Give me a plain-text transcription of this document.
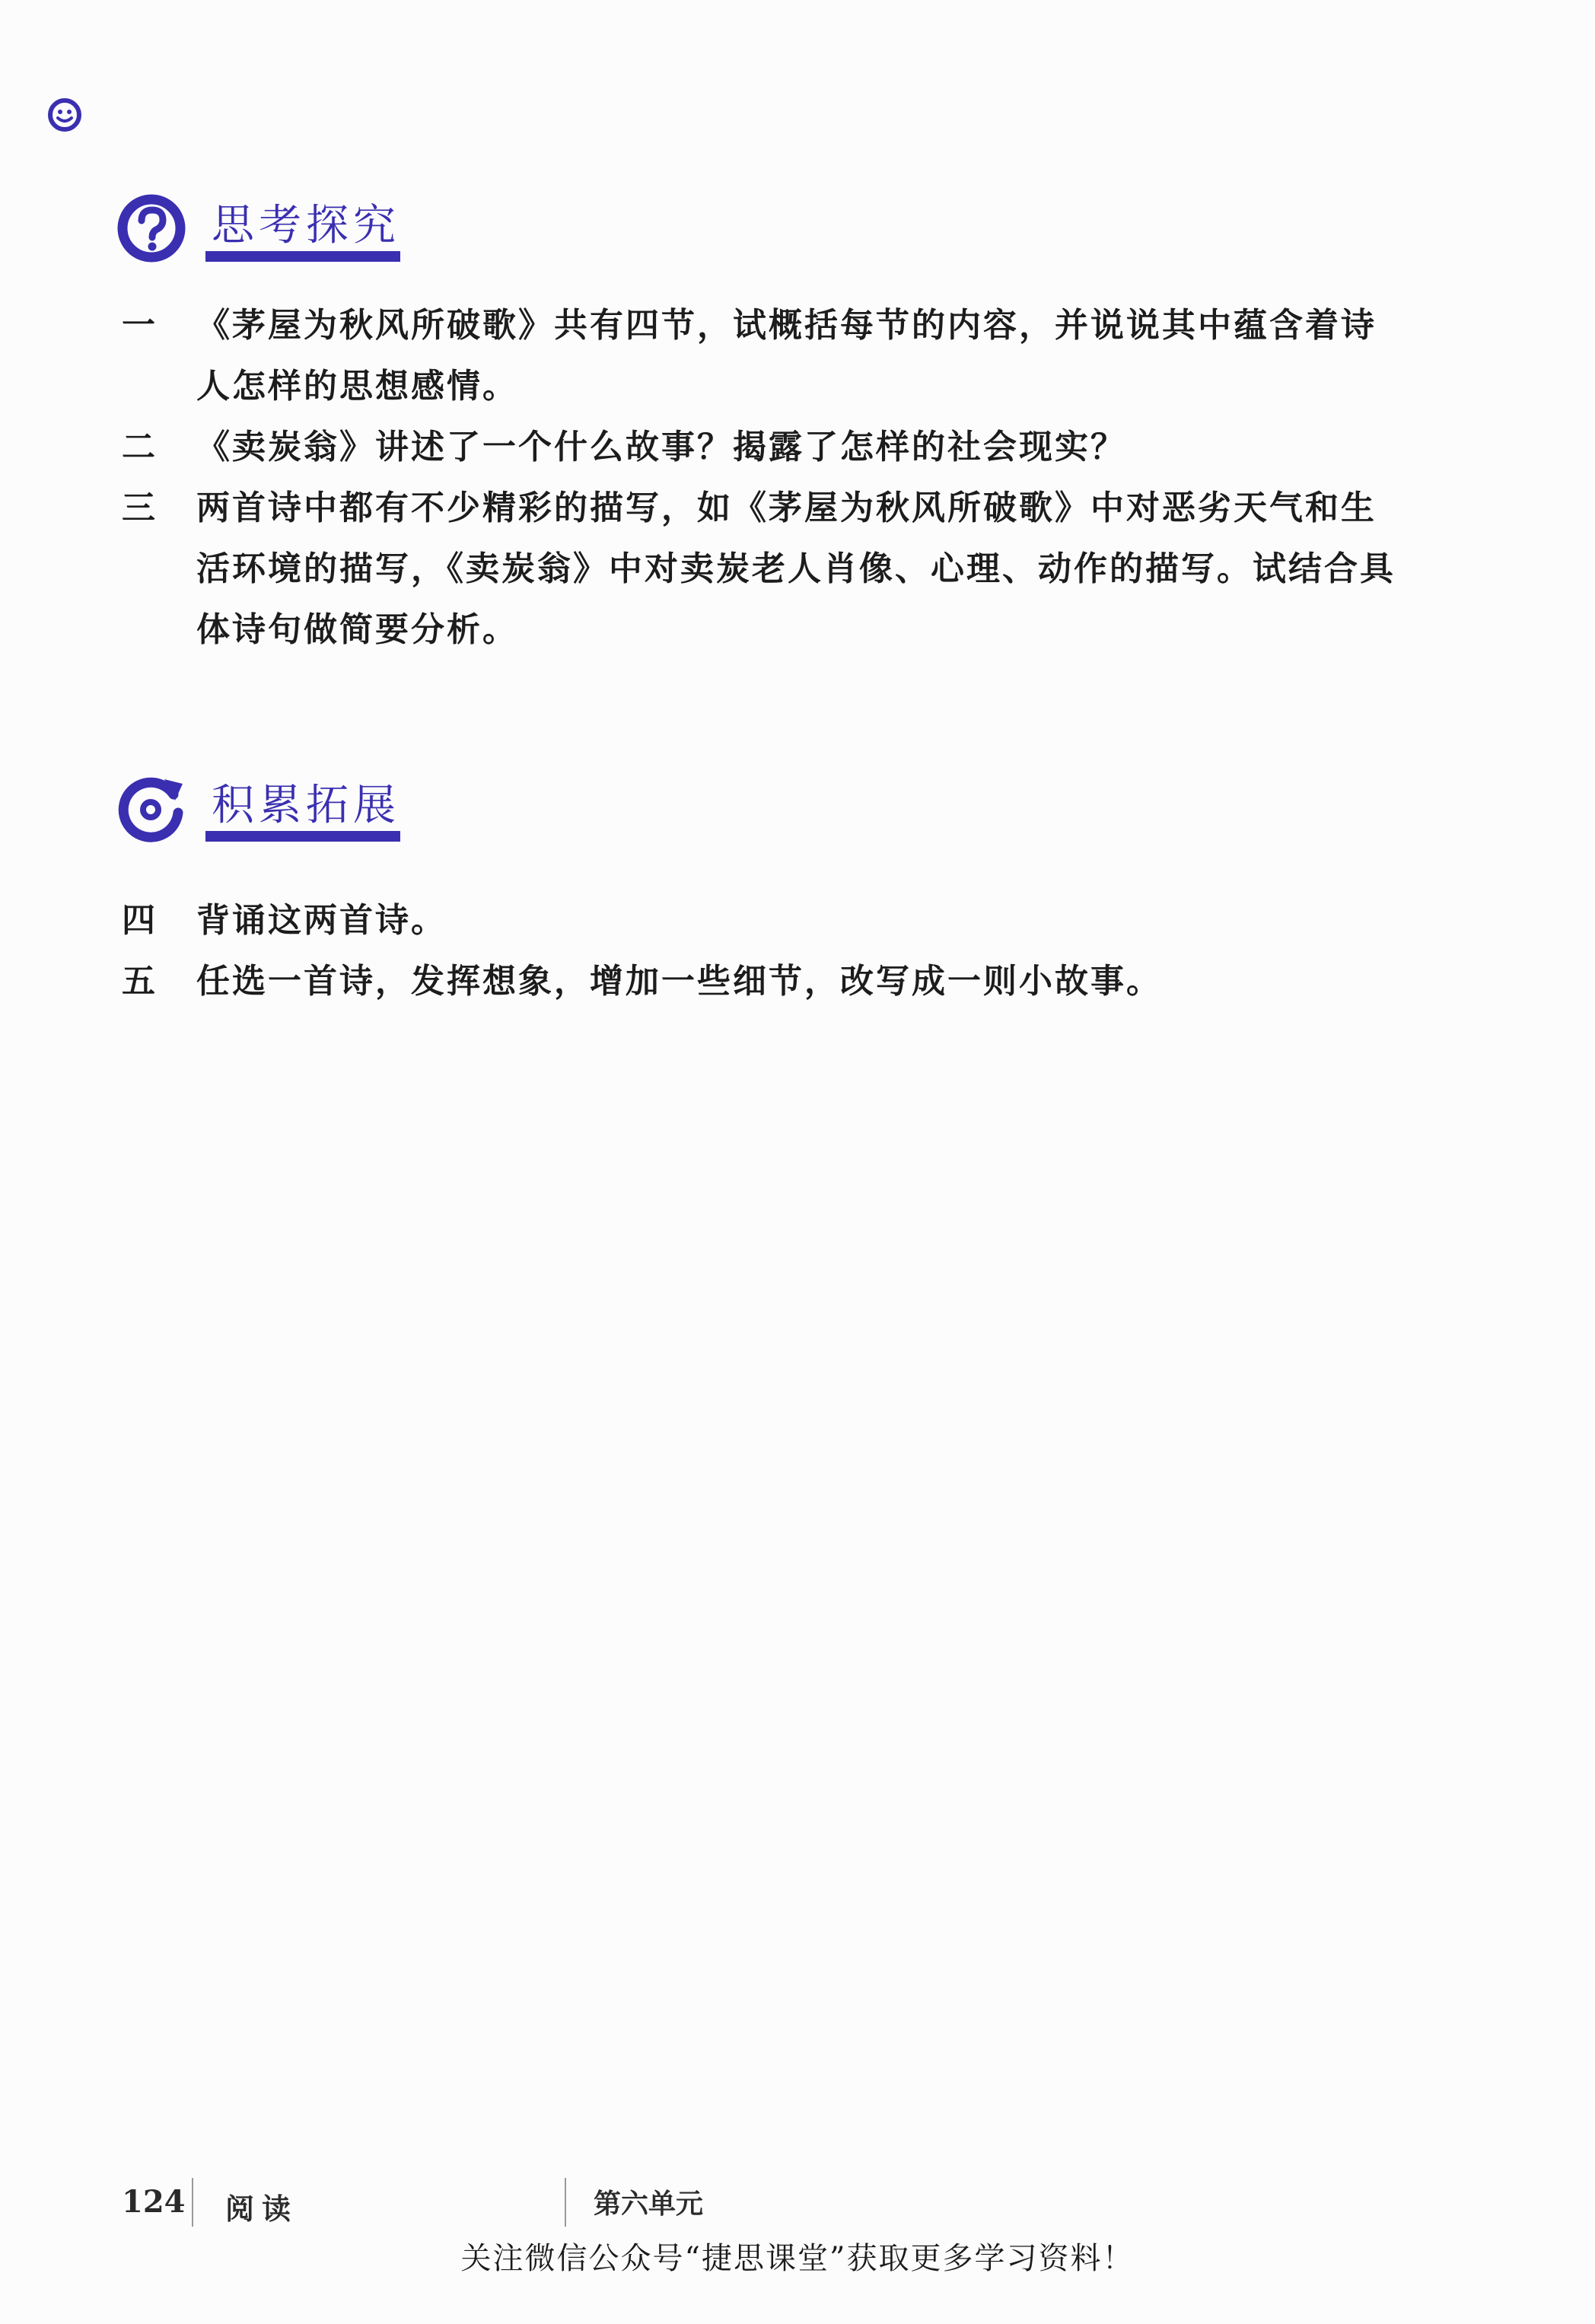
思考探究
一	《茅屋为秋风所破歌》共有四节，试概括每节的内容，并说说其中蕴含着诗人怎样的思想感情。
二	《卖炭翁》讲述了一个什么故事？揭露了怎样的社会现实？
三	两首诗中都有不少精彩的描写，如《茅屋为秋风所破歌》中对恶劣天气和生活环境的描写，《卖炭翁》中对卖炭老人肖像、心理、动作的描写。试结合具体诗句做简要分析。
积累拓展
四	背诵这两首诗。
五	任选一首诗，发挥想象，增加一些细节，改写成一则小故事。
124 阅读	第六单元
关注微信公众号“捷思课堂”获取更多学习资料！
